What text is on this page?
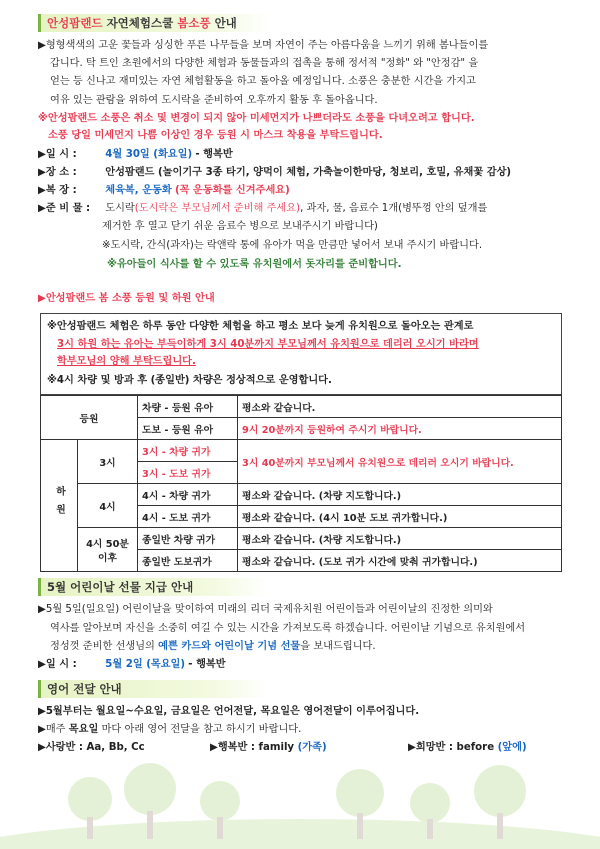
안성팜랜드 자연체험스쿨 봄소풍 안내
▶형형색색의 고운 꽃들과 싱싱한 푸른 나무들을 보며 자연이 주는 아름다움을 느끼기 위해 봄나들이를
갑니다. 탁 트인 초원에서의 다양한 체험과 동물들과의 접촉을 통해 정서적 "정화" 와 "안정감" 을
얻는 등 신나고 재미있는 자연 체험활동을 하고 돌아올 예정입니다. 소풍은 충분한 시간을 가지고
여유 있는 관람을 위하여 도시락을 준비하여 오후까지 활동 후 돌아옵니다.
※안성팜랜드 소풍은 취소 및 변경이 되지 않아 미세먼지가 나쁘더라도 소풍을 다녀오려고 합니다.
소풍 당일 미세먼지 나쁨 이상인 경우 등원 시 마스크 착용을 부탁드립니다.
▶일 시 :	4월 30일 (화요일) - 행복반
▶장 소 :	안성팜랜드 (놀이기구 3종 타기, 양먹이 체험, 가축놀이한마당, 청보리, 호밀, 유채꽃 감상)
▶복 장 :	체육복, 운동화 (꼭 운동화를 신겨주세요)
▶준 비 물 : 도시락(도시락은 부모님께서 준비해 주세요), 과자, 물, 음료수 1개(병뚜껑 안의 덮개를
제거한 후 열고 닫기 쉬운 음료수 병으로 보내주시기 바랍니다)
※도시락, 간식(과자)는 락앤락 통에 유아가 먹을 만큼만 넣어서 보내 주시기 바랍니다.
※유아들이 식사를 할 수 있도록 유치원에서 돗자리를 준비합니다.
▶안성팜랜드 봄 소풍 등원 및 하원 안내
※안성팜랜드 체험은 하루 동안 다양한 체험을 하고 평소 보다 늦게 유치원으로 돌아오는 관계로
3시 하원 하는 유아는 부득이하게 3시 40분까지 부모님께서 유치원으로 데리러 오시기 바라며
학부모님의 양해 부탁드립니다.
※4시 차량 및 방과 후 (종일반) 차량은 정상적으로 운영합니다.
등원		차량 - 등원 유아	평소와 같습니다.
		도보 - 등원 유아	9시 20분까지 등원하여 주시기 바랍니다.
하원	3시	3시 - 차량 귀가	3시 40분까지 부모님께서 유치원으로 데리러 오시기 바랍니다.
		3시 - 도보 귀가	
	4시	4시 - 차량 귀가	평소와 같습니다. (차량 지도합니다.)
		4시 - 도보 귀가	평소와 같습니다. (4시 10분 도보 귀가합니다.)
	4시 50분
이후	종일반 차량 귀가	평소와 같습니다. (차량 지도합니다.)
		종일반 도보귀가	평소와 같습니다. (도보 귀가 시간에 맞춰 귀가합니다.)
5월 어린이날 선물 지급 안내
▶5월 5일(일요일) 어린이날을 맞이하여 미래의 리더 국제유치원 어린이들과 어린이날의 진정한 의미와
역사를 알아보며 자신을 소중히 여길 수 있는 시간을 가져보도록 하겠습니다. 어린이날 기념으로 유치원에서
정성껏 준비한 선생님의 예쁜 카드와 어린이날 기념 선물을 보내드립니다.
▶일 시 :	5월 2일 (목요일) - 행복반
영어 전달 안내
▶5월부터는 월요일~수요일, 금요일은 언어전달, 목요일은 영어전달이 이루어집니다.
▶매주 목요일 마다 아래 영어 전달을 참고 하시기 바랍니다.
▶사랑반 : Aa, Bb, Cc	▶행복반 : family (가족)	▶희망반 : before (앞에)
